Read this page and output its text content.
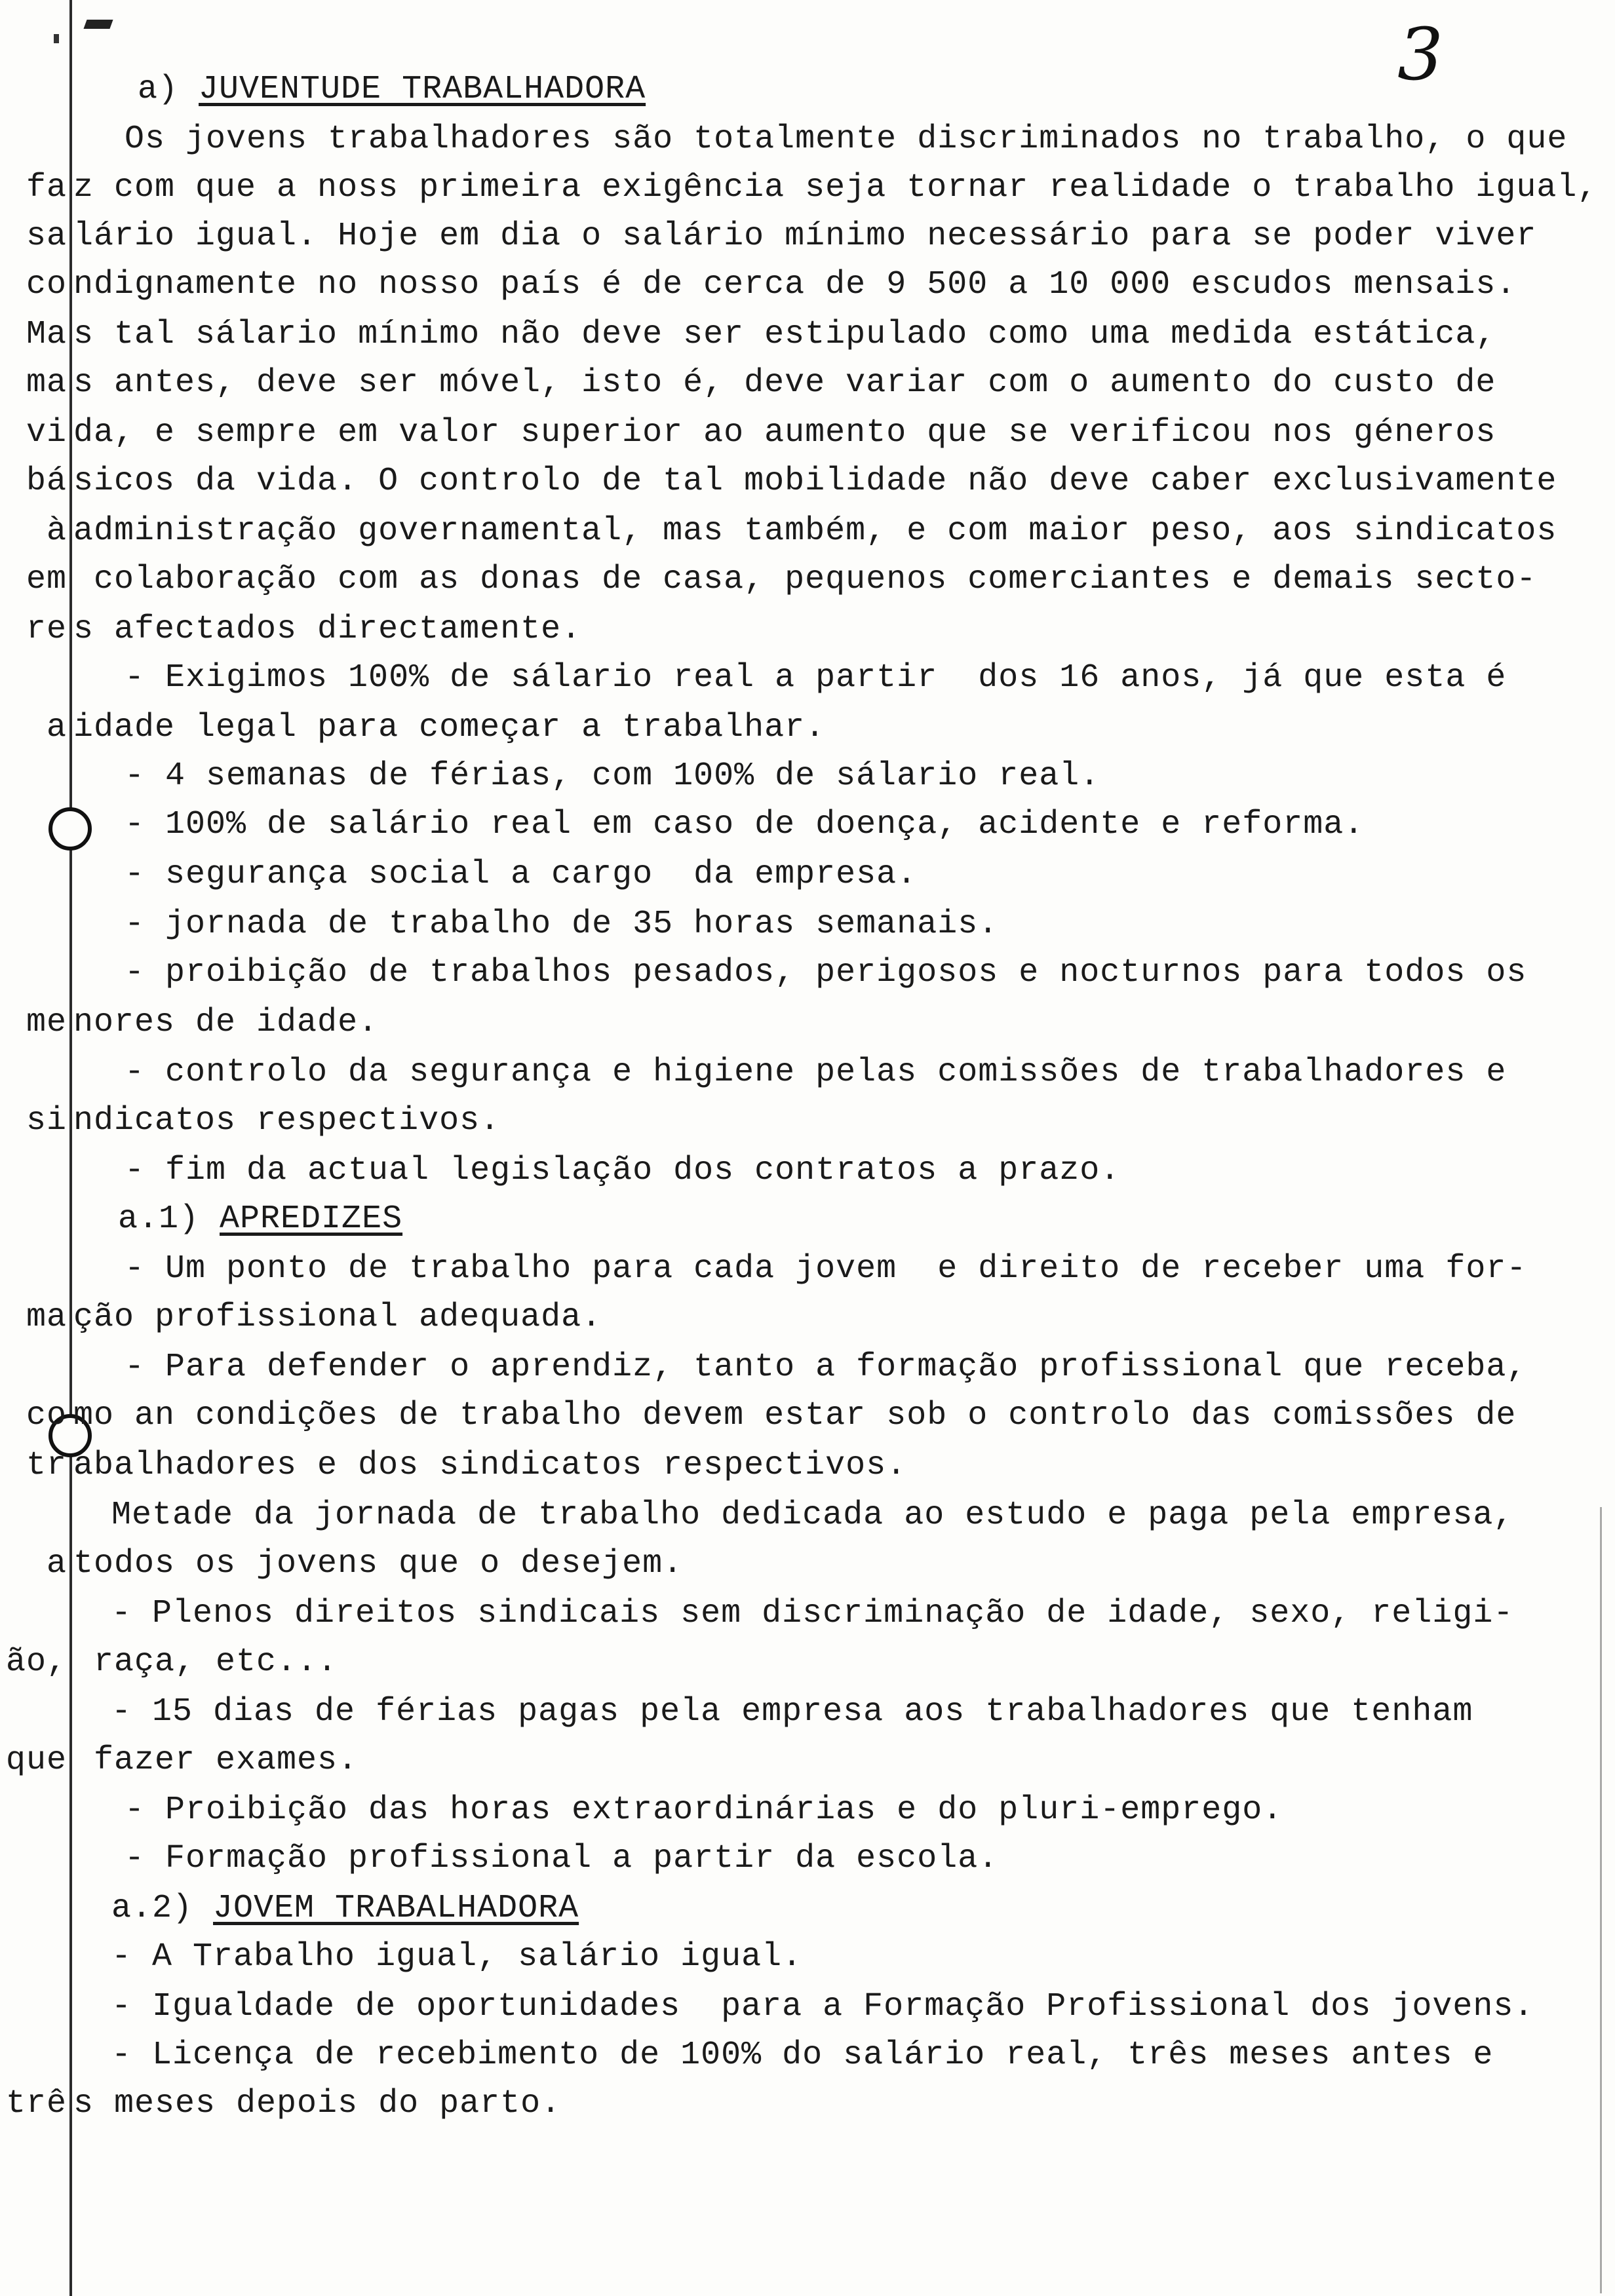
3
a) JUVENTUDE TRABALHADORA
Os jovens trabalhadores são totalmente discriminados no trabalho, o que
fa z com que a noss primeira exigência seja tornar realidade o trabalho igual,
sa lário igual. Hoje em dia o salário mínimo necessário para se poder viver
co ndignamente no nosso país é de cerca de 9 500 a 10 000 escudos mensais.
Ma s tal sálario mínimo não deve ser estipulado como uma medida estática,
ma s antes, deve ser móvel, isto é, deve variar com o aumento do custo de
vi da, e sempre em valor superior ao aumento que se verificou nos géneros
bá sicos da vida. O controlo de tal mobilidade não deve caber exclusivamente
à administração governamental, mas também, e com maior peso, aos sindicatos
em colaboração com as donas de casa, pequenos comerciantes e demais secto-
re s afectados directamente.
- Exigimos 100% de sálario real a partir  dos 16 anos, já que esta é
a idade legal para começar a trabalhar.
- 4 semanas de férias, com 100% de sálario real.
- 100% de salário real em caso de doença, acidente e reforma.
- segurança social a cargo  da empresa.
- jornada de trabalho de 35 horas semanais.
- proibição de trabalhos pesados, perigosos e nocturnos para todos os
me nores de idade.
- controlo da segurança e higiene pelas comissões de trabalhadores e
si ndicatos respectivos.
- fim da actual legislação dos contratos a prazo.
a.1) APREDIZES
- Um ponto de trabalho para cada jovem  e direito de receber uma for-
ma ção profissional adequada.
- Para defender o aprendiz, tanto a formação profissional que receba,
co mo an condições de trabalho devem estar sob o controlo das comissões de
tr abalhadores e dos sindicatos respectivos.
Metade da jornada de trabalho dedicada ao estudo e paga pela empresa,
a todos os jovens que o desejem.
- Plenos direitos sindicais sem discriminação de idade, sexo, religi-
ão, raça, etc...
- 15 dias de férias pagas pela empresa aos trabalhadores que tenham
que fazer exames.
- Proibição das horas extraordinárias e do pluri-emprego.
- Formação profissional a partir da escola.
a.2) JOVEM TRABALHADORA
- A Trabalho igual, salário igual.
- Igualdade de oportunidades  para a Formação Profissional dos jovens.
- Licença de recebimento de 100% do salário real, três meses antes e
trê s meses depois do parto.
